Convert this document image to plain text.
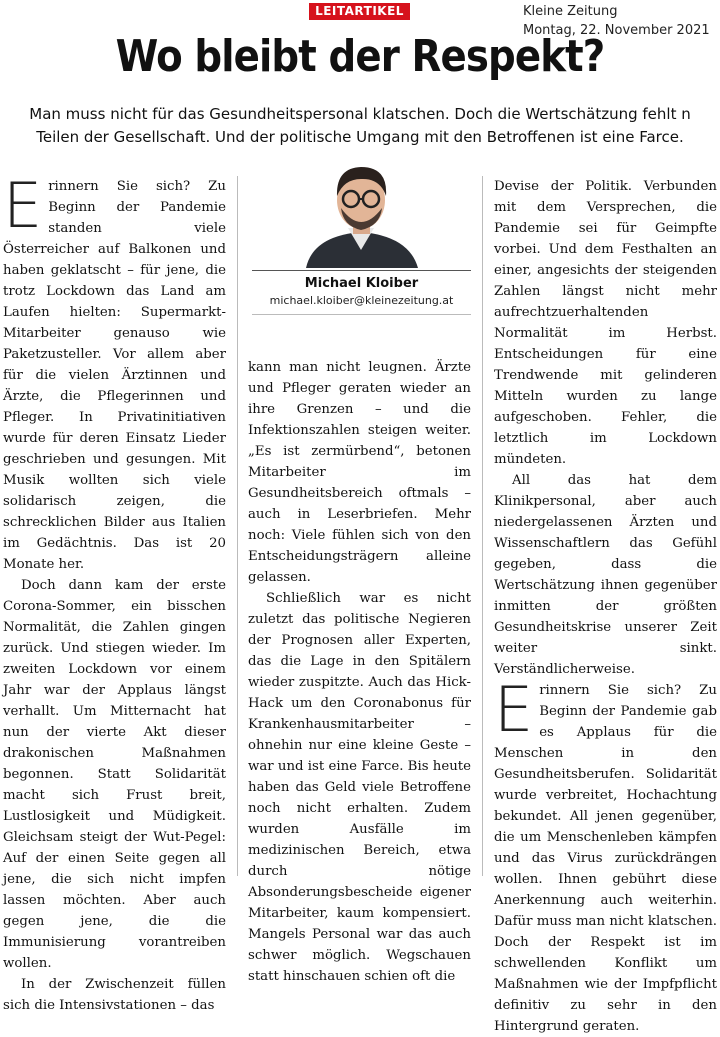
LEITARTIKEL	Kleine Zeitung
Montag, 22. November 2021
Wo bleibt der Respekt?
Man muss nicht für das Gesundheitspersonal klatschen. Doch die Wertschätzung fehlt n Teilen der Gesellschaft. Und der politische Umgang mit den Betroffenen ist eine Farce.

Erinnern Sie sich? Zu Beginn der Pandemie standen viele Österreicher auf Balkonen und haben geklatscht – für jene, die trotz Lockdown das Land am Laufen hielten: Supermarkt-Mitarbeiter genauso wie Paketzusteller. Vor allem aber für die vielen Ärztinnen und Ärzte, die Pflegerinnen und Pfleger. In Privatinitiativen wurde für deren Einsatz Lieder geschrieben und gesungen. Mit Musik wollten sich viele solidarisch zeigen, die schrecklichen Bilder aus Italien im Gedächtnis. Das ist 20 Monate her.

Doch dann kam der erste Corona-Sommer, ein bisschen Normalität, die Zahlen gingen zurück. Und stiegen wieder. Im zweiten Lockdown vor einem Jahr war der Applaus längst verhallt. Um Mitternacht hat nun der vierte Akt dieser drakonischen Maßnahmen begonnen. Statt Solidarität macht sich Frust breit, Lustlosigkeit und Müdigkeit. Gleichsam steigt der Wut-Pegel: Auf der einen Seite gegen all jene, die sich nicht impfen lassen möchten. Aber auch gegen jene, die die Immunisierung vorantreiben wollen.

In der Zwischenzeit füllen sich die Intensivstationen – das

Michael Kloiber
michael.kloiber@kleinezeitung.at

kann man nicht leugnen. Ärzte und Pfleger geraten wieder an ihre Grenzen – und die Infektionszahlen steigen weiter. „Es ist zermürbend“, betonen Mitarbeiter im Gesundheitsbereich oftmals – auch in Leserbriefen. Mehr noch: Viele fühlen sich von den Entscheidungsträgern alleine gelassen.

Schließlich war es nicht zuletzt das politische Negieren der Prognosen aller Experten, das die Lage in den Spitälern wieder zuspitzte. Auch das Hick-Hack um den Coronabonus für Krankenhausmitarbeiter – ohnehin nur eine kleine Geste – war und ist eine Farce. Bis heute haben das Geld viele Betroffene noch nicht erhalten. Zudem wurden Ausfälle im medizinischen Bereich, etwa durch nötige Absonderungsbescheide eigener Mitarbeiter, kaum kompensiert. Mangels Personal war das auch schwer möglich. Wegschauen statt hinschauen schien oft die

Devise der Politik. Verbunden mit dem Versprechen, die Pandemie sei für Geimpfte vorbei. Und dem Festhalten an einer, angesichts der steigenden Zahlen längst nicht mehr aufrechtzuerhaltenden Normalität im Herbst. Entscheidungen für eine Trendwende mit gelinderen Mitteln wurden zu lange aufgeschoben. Fehler, die letztlich im Lockdown mündeten.

All das hat dem Klinikpersonal, aber auch niedergelassenen Ärzten und Wissenschaftlern das Gefühl gegeben, dass die Wertschätzung ihnen gegenüber inmitten der größten Gesundheitskrise unserer Zeit weiter sinkt. Verständlicherweise.

Erinnern Sie sich? Zu Beginn der Pandemie gab es Applaus für die Menschen in den Gesundheitsberufen. Solidarität wurde verbreitet, Hochachtung bekundet. All jenen gegenüber, die um Menschenleben kämpfen und das Virus zurückdrängen wollen. Ihnen gebührt diese Anerkennung auch weiterhin. Dafür muss man nicht klatschen. Doch der Respekt ist im schwellenden Konflikt um Maßnahmen wie der Impfpflicht definitiv zu sehr in den Hintergrund geraten.
